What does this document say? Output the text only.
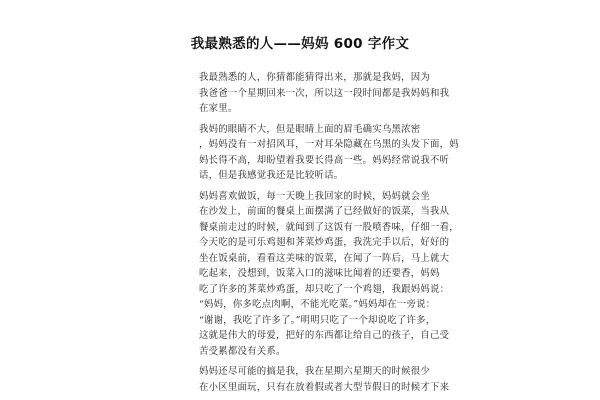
我最熟悉的人——妈妈 600 字作文
我最熟悉的人，你猜都能猜得出来，那就是我妈，因为
我爸爸一个星期回来一次，所以这一段时间都是我妈妈和我
在家里。
我妈的眼睛不大，但是眼睛上面的眉毛确实乌黑浓密
，妈妈没有一对招风耳，一对耳朵隐藏在乌黑的头发下面，妈
妈长得不高，却盼望着我要长得高一些。妈妈经常说我不听
话，但是我感觉我还是比较听话。
妈妈喜欢做饭，每一天晚上我回家的时候，妈妈就会坐
在沙发上，前面的餐桌上面摆满了已经做好的饭菜，当我从
餐桌前走过的时候，就闻到了这饭有一股喷香味，仔细一看，
今天吃的是可乐鸡翅和荠菜炒鸡蛋，我洗完手以后，好好的
坐在饭桌前，看看这美味的饭菜，在闻了一阵后，马上就大
吃起来，没想到，饭菜入口的滋味比闻着的还要香，妈妈
吃了许多的荠菜炒鸡蛋，却只吃了一个鸡翅，我跟妈妈说：
“妈妈，你多吃点肉啊，不能光吃菜。”妈妈却在一旁说：
“谢谢，我吃了许多了。”明明只吃了一个却说吃了许多，
这就是伟大的母爱，把好的东西都让给自己的孩子，自己受
苦受累都没有关系。
妈妈还尽可能的搞是我，我在星期六星期天的时候很少
在小区里面玩，只有在放着假或者大型节假日的时候才下来
